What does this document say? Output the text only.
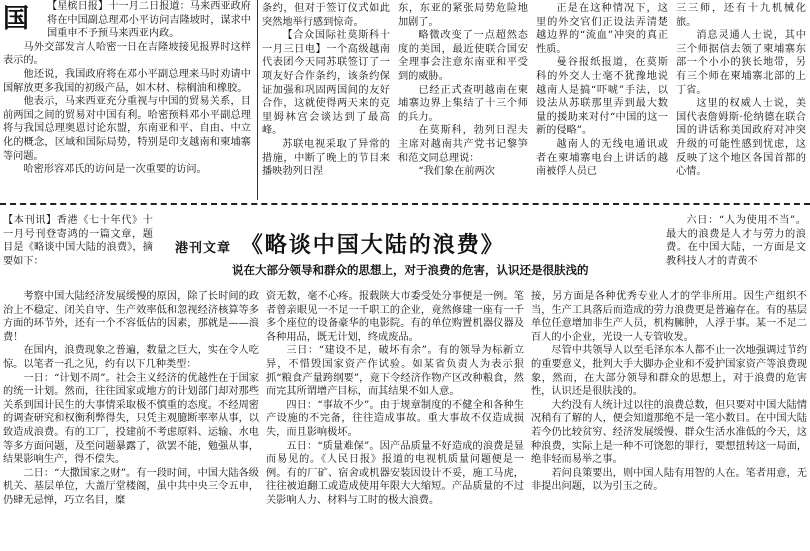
国 【星槟日报】十一月二日报道：马来西亚政府将在中国副总理邓小平访问吉隆坡时，谋求中国重申不予预马来西亚内政。

马外交部发言人哈密一日在吉隆坡接见报界时这样表示的。

他还说，我国政府将在邓小平副总理来马时劝请中国解放更多我国的初级产品，如木材、棕榈油和橡胶。

他表示，马来西亚充分重视与中国的贸易关系，目前两国之间的贸易对中国有利。哈密预料邓小平副总理将与我国总理奥恩讨论东盟，东南亚和平、自由、中立化的概念，区域和国际局势，特别是印支越南和柬埔寨等问题。

哈密形容邓氏的访问是一次重要的访问。

条约，但对于签订仪式如此突然地举行感到惊奇。

【合众国际社莫斯科十一月三日电】一个高级越南代表团今天同苏联签订了一项友好合作条约，该条约保证加强和巩固两国间的友好合作，这就使得两天来的克里姆林宫会谈达到了最高峰。

苏联电视采取了异常的措施，中断了晚上的节目来播映勃列日涅

东，东亚的紧张局势危险地加剧了。

略微改变了一点超然态度的美国，最近使联合国安全理事会注意东南亚和平受到的威胁。

已经正式查明越南在柬埔寨边界上集结了十三个师的兵力。

在莫斯科，勃列日涅夫主席对越南共产党书记黎笋和范文同总理说：

“我们象在前两次

正是在这种情况下，这里的外交官们正设法弄清楚越边界的“流血”冲突的真正性质。

曼谷报纸报道，在莫斯科的外交人士毫不犹豫地说越南人是搞“吓唬”手法，以设法从苏联那里弄到最大数量的援助来对付“中国的这一新的侵略”。

越南人的无线电通讯或者在柬埔寨电台上讲话的越南被俘人员已

三三师，还有十九机械化旅。

消息灵通人士说，其中三个师据信去领了柬埔寨东部一个小小的狭长地带，另有三个师在柬埔寨北部的上丁省。

这里的权威人士说，美国代表詹姆斯·伦纳德在联合国的讲话称美国政府对冲突升级的可能性感到忧虑，这反映了这个地区各国首都的心情。

【本刊讯】香港《七十年代》十一月号刊登寄鸿的一篇文章，题目是《略谈中国大陆的浪费》，摘要如下：

港刊文章 《略谈中国大陆的浪费》
说在大部分领导和群众的思想上，对于浪费的危害，认识还是很肤浅的

六日：“人为使用不当”。最大的浪费是人才与劳力的浪费。在中国大陆，一方面是文教科技人才的青黄不

考察中国大陆经济发展缓慢的原因，除了长时间的政治上不稳定、闭关自守、生产效率低和忽视经济核算等多方面的环节外，还有一个不容低估的因素，那就是——浪费！

在国内，浪费现象之普遍，数量之巨大，实在令人吃惊。以笔者一孔之见，约有以下几种类型：

一日：“计划不周”。社会主义经济的优越性在于国家的统一计划。然而，往往国家或地方的计划部门却对那些关系到国计民生的大事情采取极不慎重的态度。不经周密的调查研究和权衡利弊得失，只凭主观臆断率率从事，以致造成浪费。有的工厂，投建前不考虑原料、运输、水电等多方面问题，及至问题暴露了，欲罢不能，勉强从事，结果影响生产，得不偿失。

二日：“大撒国家之财”。有一段时间，中国大陆各级机关、基层单位，大盖厅堂楼阁，虽中共中央三令五申，仍肆无忌惮，巧立名目，糜

资无数，毫不心疼。报载陕大市委受处分事便是一例。笔者曾亲眼见一不足一千职工的企业，竟然修建一座有一千多个座位的设备豪华的电影院。有的单位购置机器仪器及各种用品，既无计划，终成废品。

三日：“建设不足，破坏有余”。有的领导为标新立异，不惜毁国家资产作试验。如某省负责人为表示狠抓“粮食产量跨纲要”，竟下令经济作物产区改种粮食，然而完其所谓增产目标，而其结果不如人意。

四日：“事故不少”。由于规章制度的不健全和各种生产设施的不完备，往往造成事故。重大事故不仅造成损失，而且影响极坏。

五日：“质量难保”。因产品质量不好造成的浪费是显而易见的。《人民日报》报道的电视机质量问题便是一例。有的厂矿、宿舍或机器安装因设计不妥，施工马虎，往往被迫翻工或造成使用年限大大缩短。产品质量的不过关影响人力、材料与工时的极大浪费。

接，另方面是各种优秀专业人才的学非所用。因生产组织不当，生产工具落后而造成的劳力浪费更是普遍存在。有的基层单位任意增加非生产人员，机构臃肿，人浮于事。某一不足二百人的小企业，光设一人专管收发。

尽管中共领导人以至毛泽东本人都不止一次地强调过节约的重要意义，批判大手大脚办企业和不爱护国家资产等浪费现象，然而，在大部分领导和群众的思想上，对于浪费的危害性，认识还是很肤浅的。

大约没有人统计过以往的浪费总数，但只要对中国大陆情况稍有了解的人，便会知道那绝不是一笔小数目。在中国大陆若今仍比较贫穷、经济发展缓慢、群众生活水准低的今天，这种浪费，实际上是一种不可饶恕的罪行，要想扭转这一局面，绝非轻而易举之事。

若问良策要出，则中国人陆有用智的人在。笔者用意，无非提出问题，以为引玉之砖。
